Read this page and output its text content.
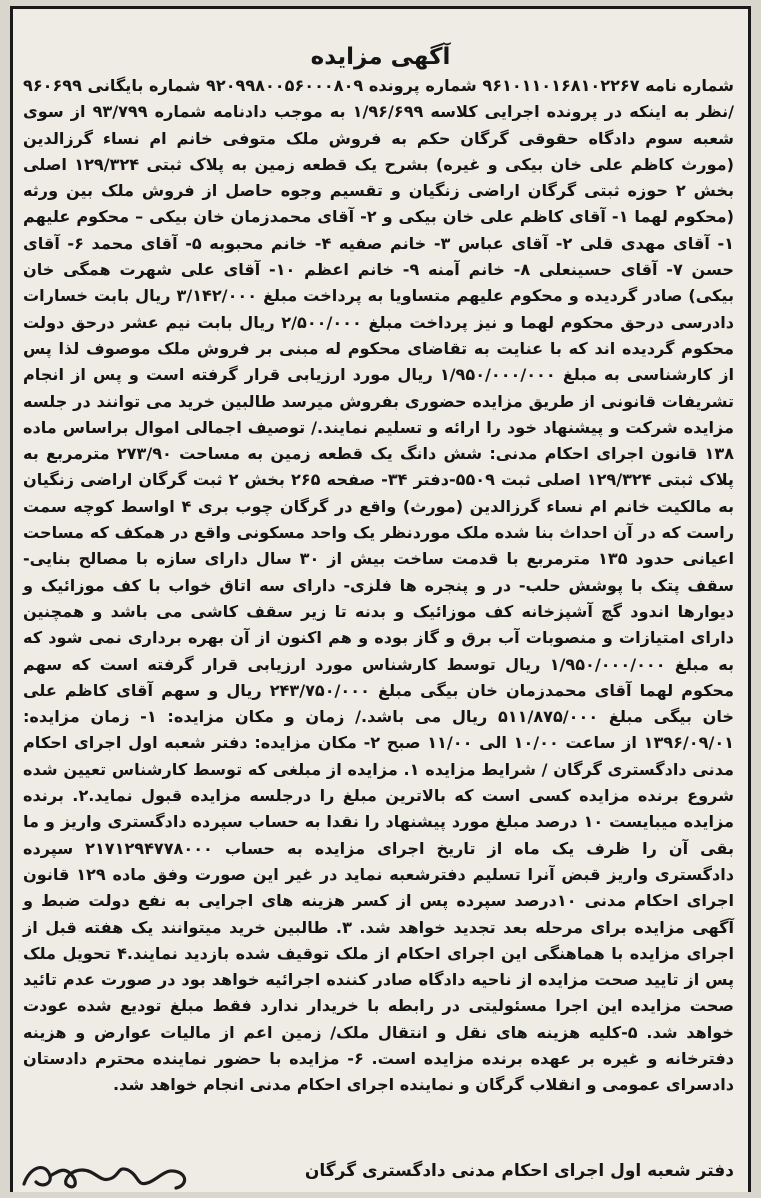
آگهی مزایده

شماره نامه ۹۶۱۰۱۱۰۱۶۸۱۰۲۲۶۷ شماره پرونده ۹۲۰۹۹۸۰۰۵۶۰۰۰۸۰۹ شماره بایگانی ۹۶۰۶۹۹ /نظر به اینکه در پرونده اجرایی کلاسه ۱/۹۶/۶۹۹ به موجب دادنامه شماره ۹۳/۷۹۹ از سوی شعبه سوم دادگاه حقوقی گرگان حکم به فروش ملک متوفی خانم ام نساء گرزالدین (مورث کاظم علی خان بیکی و غیره) بشرح یک قطعه زمین به پلاک ثبتی ۱۲۹/۳۲۴ اصلی بخش ۲ حوزه ثبتی گرگان اراضی زنگیان و تقسیم وجوه حاصل از فروش ملک بین ورثه (محکوم لهما ۱- آقای کاظم علی خان بیکی و ۲- آقای محمدزمان خان بیکی – محکوم علیهم ۱- آقای مهدی قلی ۲- آقای عباس ۳- خانم صفیه ۴- خانم محبوبه ۵- آقای محمد ۶- آقای حسن ۷- آقای حسینعلی ۸- خانم آمنه ۹- خانم اعظم ۱۰- آقای علی شهرت همگی خان بیکی) صادر گردیده و محکوم علیهم متساویا به پرداخت مبلغ ۳/۱۴۲/۰۰۰ ریال بابت خسارات دادرسی درحق محکوم لهما و نیز پرداخت مبلغ ۲/۵۰۰/۰۰۰ ریال بابت نیم عشر درحق دولت محکوم گردیده اند که با عنایت به تقاضای محکوم له مبنی بر فروش ملک موصوف لذا پس از کارشناسی به مبلغ ۱/۹۵۰/۰۰۰/۰۰۰ ریال مورد ارزیابی قرار گرفته است و پس از انجام تشریفات قانونی از طریق مزایده حضوری بفروش میرسد طالبین خرید می توانند در جلسه مزایده شرکت و پیشنهاد خود را ارائه و تسلیم نمایند./ توصیف اجمالی اموال براساس ماده ۱۳۸ قانون اجرای احکام مدنی: شش دانگ یک قطعه زمین به مساحت ۲۷۳/۹۰ مترمربع به پلاک ثبتی ۱۲۹/۳۲۴ اصلی ثبت ۵۵۰۹-دفتر ۳۴- صفحه ۲۶۵ بخش ۲ ثبت گرگان اراضی زنگیان به مالکیت خانم ام نساء گرزالدین (مورث) واقع در گرگان چوب بری ۴ اواسط کوچه سمت راست که در آن احداث بنا شده ملک موردنظر یک واحد مسکونی واقع در همکف که مساحت اعیانی حدود ۱۳۵ مترمربع با قدمت ساخت بیش از ۳۰ سال دارای سازه با مصالح بنایی- سقف پتک با پوشش حلب- در و پنجره ها فلزی- دارای سه اتاق خواب با کف موزائیک و دیوارها اندود گچ آشپزخانه کف موزائیک و بدنه تا زیر سقف کاشی می باشد و همچنین دارای امتیازات و منصوبات آب برق و گاز بوده و هم اکنون از آن بهره برداری نمی شود که به مبلغ ۱/۹۵۰/۰۰۰/۰۰۰ ریال توسط کارشناس مورد ارزیابی قرار گرفته است که سهم محکوم لهما آقای محمدزمان خان بیگی مبلغ ۲۴۳/۷۵۰/۰۰۰ ریال و سهم آقای کاظم علی خان بیگی مبلغ ۵۱۱/۸۷۵/۰۰۰ ریال می باشد./ زمان و مکان مزایده: ۱- زمان مزایده: ۱۳۹۶/۰۹/۰۱ از ساعت ۱۰/۰۰ الی ۱۱/۰۰ صبح ۲- مکان مزایده: دفتر شعبه اول اجرای احکام مدنی دادگستری گرگان / شرایط مزایده ۱. مزایده از مبلغی که توسط کارشناس تعیین شده شروع برنده مزایده کسی است که بالاترین مبلغ را درجلسه مزایده قبول نماید.۲. برنده مزایده میبایست ۱۰ درصد مبلغ مورد پیشنهاد را نقدا به حساب سپرده دادگستری واریز و ما بقی آن را ظرف یک ماه از تاریخ اجرای مزایده به حساب ۲۱۷۱۲۹۴۷۷۸۰۰۰ سپرده دادگستری واریز قبض آنرا تسلیم دفترشعبه نماید در غیر این صورت وفق ماده ۱۲۹ قانون اجرای احکام مدنی ۱۰درصد سپرده پس از کسر هزینه های اجرایی به نفع دولت ضبط و آگهی مزایده برای مرحله بعد تجدید خواهد شد. ۳. طالبین خرید میتوانند یک هفته قبل از اجرای مزایده با هماهنگی این اجرای احکام از ملک توقیف شده بازدید نمایند.۴ تحویل ملک پس از تایید صحت مزایده از ناحیه دادگاه صادر کننده اجرائیه خواهد بود در صورت عدم تائید صحت مزایده این اجرا مسئولیتی در رابطه با خریدار ندارد فقط مبلغ تودیع شده عودت خواهد شد. ۵-کلیه هزینه های نقل و انتقال ملک/ زمین اعم از مالیات عوارض و هزینه دفترخانه و غیره بر عهده برنده مزایده است. ۶- مزایده با حضور نماینده محترم دادستان دادسرای عمومی و انقلاب گرگان و نماینده اجرای احکام مدنی انجام خواهد شد.

دفتر شعبه اول اجرای احکام مدنی دادگستری گرگان
